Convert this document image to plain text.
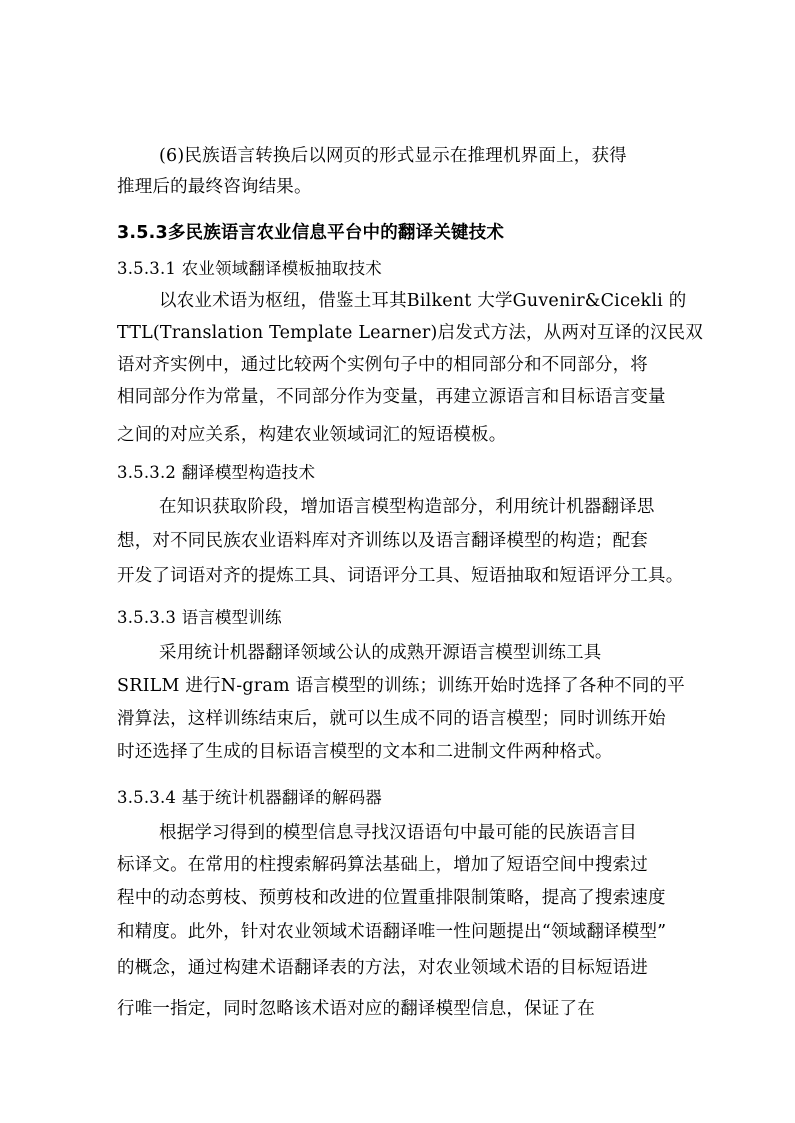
(6)民族语言转换后以网页的形式显示在推理机界面上，获得
推理后的最终咨询结果。
3.5.3多民族语言农业信息平台中的翻译关键技术
3.5.3.1 农业领域翻译模板抽取技术
以农业术语为枢纽，借鉴土耳其Bilkent 大学Guvenir&Cicekli 的
TTL(Translation Template Learner)启发式方法，从两对互译的汉民双
语对齐实例中，通过比较两个实例句子中的相同部分和不同部分，将
相同部分作为常量，不同部分作为变量，再建立源语言和目标语言变量
之间的对应关系，构建农业领域词汇的短语模板。
3.5.3.2 翻译模型构造技术
在知识获取阶段，增加语言模型构造部分，利用统计机器翻译思
想，对不同民族农业语料库对齐训练以及语言翻译模型的构造；配套
开发了词语对齐的提炼工具、词语评分工具、短语抽取和短语评分工具。
3.5.3.3 语言模型训练
采用统计机器翻译领域公认的成熟开源语言模型训练工具
SRILM 进行N-gram 语言模型的训练；训练开始时选择了各种不同的平
滑算法，这样训练结束后，就可以生成不同的语言模型；同时训练开始
时还选择了生成的目标语言模型的文本和二进制文件两种格式。
3.5.3.4 基于统计机器翻译的解码器
根据学习得到的模型信息寻找汉语语句中最可能的民族语言目
标译文。在常用的柱搜索解码算法基础上，增加了短语空间中搜索过
程中的动态剪枝、预剪枝和改进的位置重排限制策略，提高了搜索速度
和精度。此外，针对农业领域术语翻译唯一性问题提出“领域翻译模型”
的概念，通过构建术语翻译表的方法，对农业领域术语的目标短语进
行唯一指定，同时忽略该术语对应的翻译模型信息，保证了在
